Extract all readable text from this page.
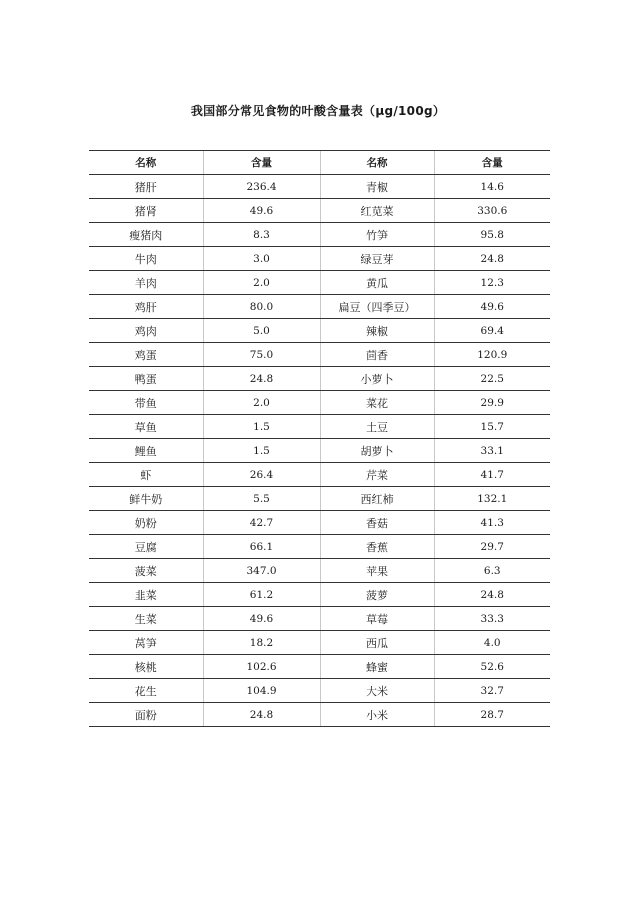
我国部分常见食物的叶酸含量表（μg/100g）
名称	含量	名称	含量
猪肝	236.4	青椒	14.6
猪肾	49.6	红苋菜	330.6
瘦猪肉	8.3	竹笋	95.8
牛肉	3.0	绿豆芽	24.8
羊肉	2.0	黄瓜	12.3
鸡肝	80.0	扁豆（四季豆）	49.6
鸡肉	5.0	辣椒	69.4
鸡蛋	75.0	茴香	120.9
鸭蛋	24.8	小萝卜	22.5
带鱼	2.0	菜花	29.9
草鱼	1.5	土豆	15.7
鲤鱼	1.5	胡萝卜	33.1
虾	26.4	芹菜	41.7
鲜牛奶	5.5	西红柿	132.1
奶粉	42.7	香菇	41.3
豆腐	66.1	香蕉	29.7
菠菜	347.0	苹果	6.3
韭菜	61.2	菠萝	24.8
生菜	49.6	草莓	33.3
莴笋	18.2	西瓜	4.0
核桃	102.6	蜂蜜	52.6
花生	104.9	大米	32.7
面粉	24.8	小米	28.7
